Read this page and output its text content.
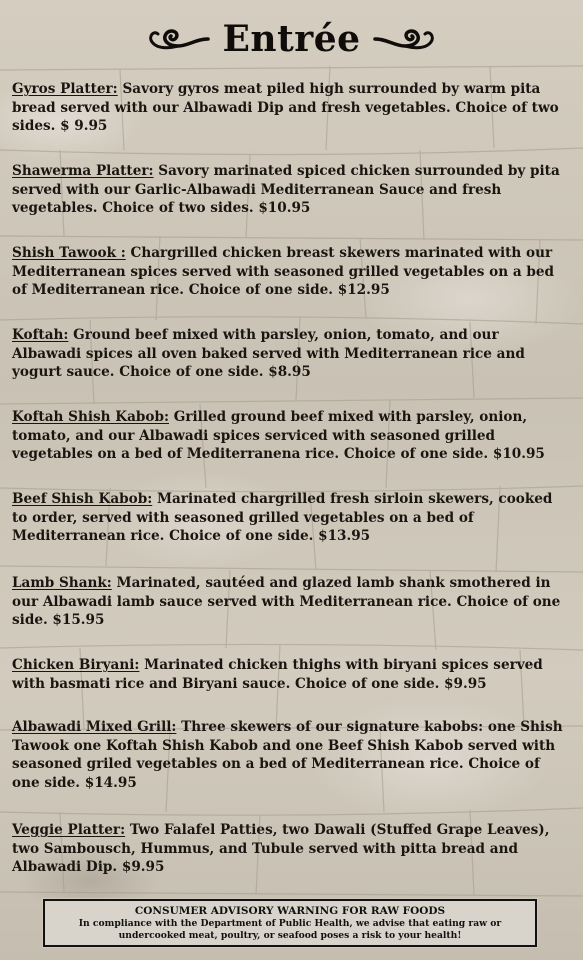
Entrée
Gyros Platter: Savory gyros meat piled high surrounded by warm pita bread served with our Albawadi Dip and fresh vegetables. Choice of two sides. $ 9.95
Shawerma Platter: Savory marinated spiced chicken surrounded by pita served with our Garlic-Albawadi Mediterranean Sauce and fresh vegetables. Choice of two sides. $10.95
Shish Tawook : Chargrilled chicken breast skewers marinated with our Mediterranean spices served with seasoned grilled vegetables on a bed of Mediterranean rice. Choice of one side. $12.95
Koftah: Ground beef mixed with parsley, onion, tomato, and our Albawadi spices all oven baked served with Mediterranean rice and yogurt sauce. Choice of one side. $8.95
Koftah Shish Kabob: Grilled ground beef mixed with parsley, onion, tomato, and our Albawadi spices serviced with seasoned grilled vegetables on a bed of Mediterranena rice. Choice of one side. $10.95
Beef Shish Kabob: Marinated chargrilled fresh sirloin skewers, cooked to order, served with seasoned grilled vegetables on a bed of Mediterranean rice. Choice of one side. $13.95
Lamb Shank: Marinated, sautéed and glazed lamb shank smothered in our Albawadi lamb sauce served with Mediterranean rice. Choice of one side. $15.95
Chicken Biryani: Marinated chicken thighs with biryani spices served with basmati rice and Biryani sauce. Choice of one side. $9.95
Albawadi Mixed Grill: Three skewers of our signature kabobs: one Shish Tawook one Koftah Shish Kabob and one Beef Shish Kabob served with seasoned griled vegetables on a bed of Mediterranean rice. Choice of one side. $14.95
Veggie Platter: Two Falafel Patties, two Dawali (Stuffed Grape Leaves), two Sambousch, Hummus, and Tubule served with pitta bread and Albawadi Dip. $9.95
CONSUMER ADVISORY WARNING FOR RAW FOODS
In compliance with the Department of Public Health, we advise that eating raw or undercooked meat, poultry, or seafood poses a risk to your health!
